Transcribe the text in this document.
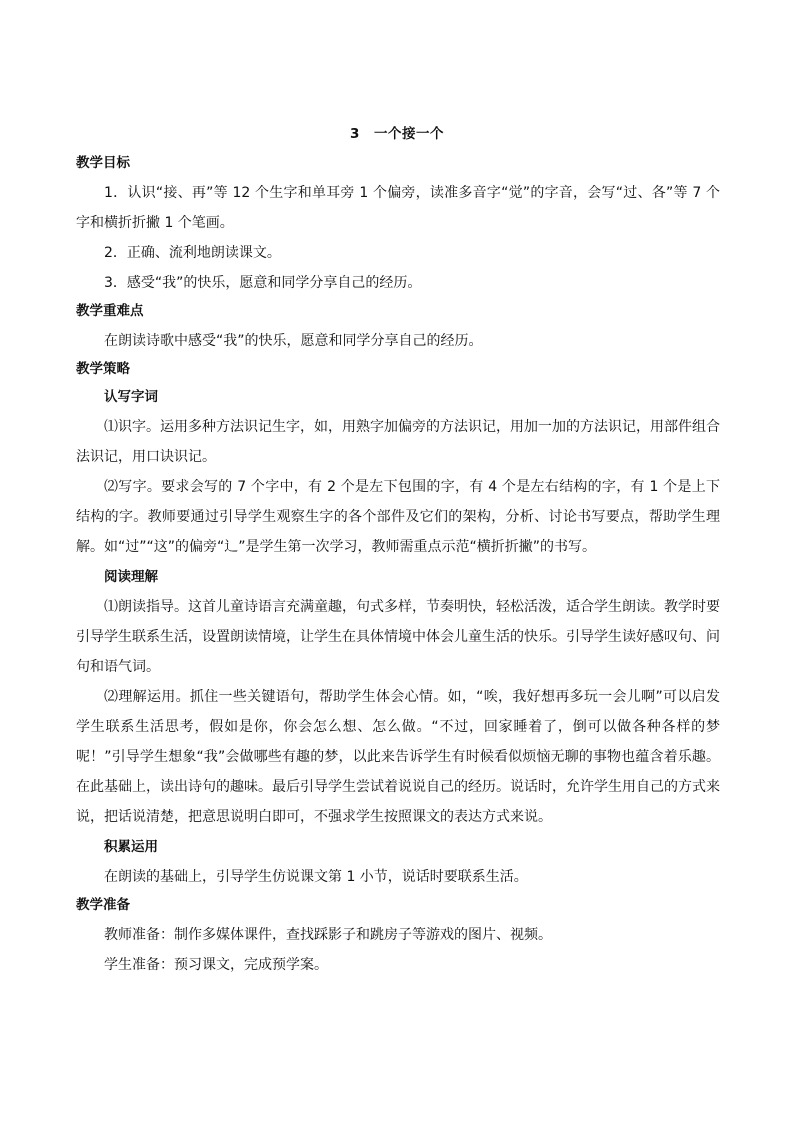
3 一个接一个
教学目标

1．认识“接、再”等 12 个生字和单耳旁 1 个偏旁，读准多音字“觉”的字音，会写“过、各”等 7 个字和横折折撇 1 个笔画。

2．正确、流利地朗读课文。

3．感受“我”的快乐，愿意和同学分享自己的经历。

教学重难点

在朗读诗歌中感受“我”的快乐，愿意和同学分享自己的经历。

教学策略
认写字词

⑴识字。运用多种方法识记生字，如，用熟字加偏旁的方法识记，用加一加的方法识记，用部件组合法识记，用口诀识记。

⑵写字。要求会写的 7 个字中，有 2 个是左下包围的字，有 4 个是左右结构的字，有 1 个是上下结构的字。教师要通过引导学生观察生字的各个部件及它们的架构，分析、讨论书写要点，帮助学生理解。如“过”“这”的偏旁“辶”是学生第一次学习，教师需重点示范“横折折撇”的书写。

阅读理解

⑴朗读指导。这首儿童诗语言充满童趣，句式多样，节奏明快，轻松活泼，适合学生朗读。教学时要引导学生联系生活，设置朗读情境，让学生在具体情境中体会儿童生活的快乐。引导学生读好感叹句、问句和语气词。

⑵理解运用。抓住一些关键语句，帮助学生体会心情。如，“唉，我好想再多玩一会儿啊”可以启发学生联系生活思考，假如是你，你会怎么想、怎么做。“不过，回家睡着了，倒可以做各种各样的梦呢！”引导学生想象“我”会做哪些有趣的梦，以此来告诉学生有时候看似烦恼无聊的事物也蕴含着乐趣。在此基础上，读出诗句的趣味。最后引导学生尝试着说说自己的经历。说话时，允许学生用自己的方式来说，把话说清楚，把意思说明白即可，不强求学生按照课文的表达方式来说。

积累运用

在朗读的基础上，引导学生仿说课文第 1 小节，说话时要联系生活。

教学准备

教师准备：制作多媒体课件，查找踩影子和跳房子等游戏的图片、视频。

学生准备：预习课文，完成预学案。
